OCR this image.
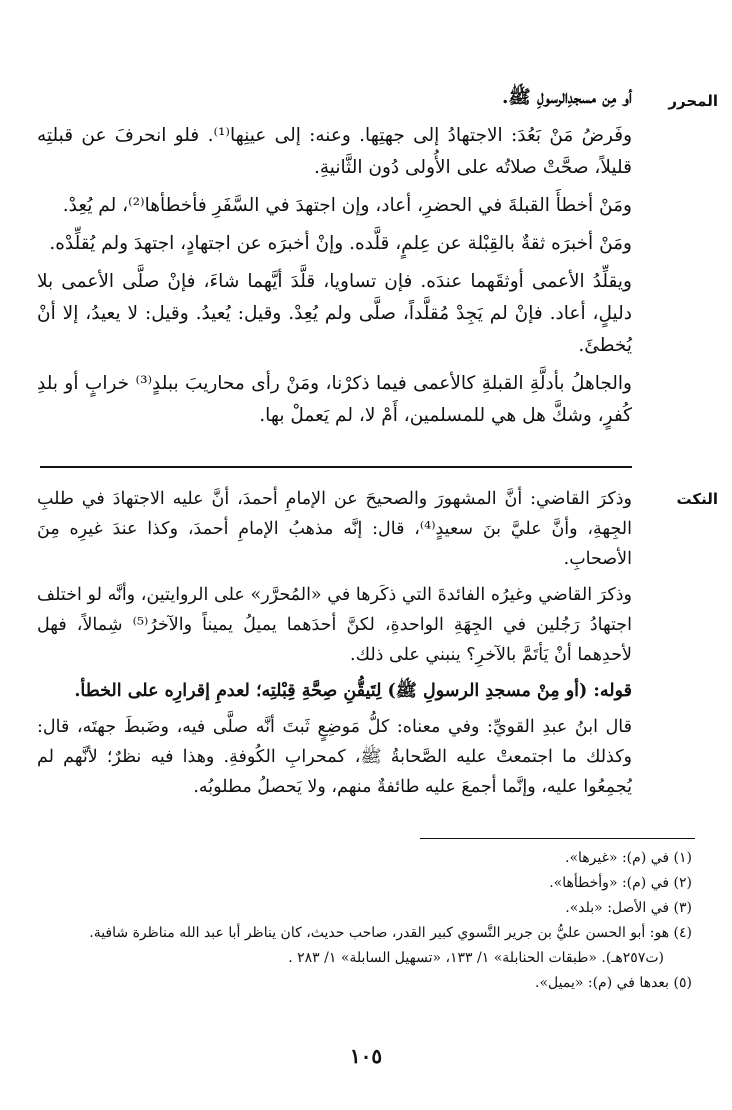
المحرر
النكت

أو مِن مسجدِالرسولِ ﷺ.

وفَرضُ مَنْ بَعُدَ: الاجتهادُ إلى جهتِها. وعنه: إلى عينِها⁽¹⁾. فلو انحرفَ عن قبلتِه قليلاً، صحَّتْ صلاتُه على الأُولى دُون الثَّانيةِ.

ومَنْ أخطأَ القبلةَ في الحضرِ، أعاد، وإن اجتهدَ في السَّفَرِ فأخطأها⁽²⁾، لم يُعِدْ.

ومَنْ أخبرَه ثقةٌ بالقِبْلة عن عِلمٍ، قلَّده. وإنْ أخبرَه عن اجتهادٍ، اجتهدَ ولم يُقلِّدْه.

ويقلِّدُ الأعمى أوثقَهما عندَه. فإن تساويا، قلَّدَ أيَّهما شاءَ، فإنْ صلَّى الأعمى بلا دليلٍ، أعاد. فإنْ لم يَجِدْ مُقلَّداً، صلَّى ولم يُعِدْ. وقيل: يُعيدُ. وقيل: لا يعيدُ، إلا أنْ يُخطئَ.

والجاهلُ بأدلَّةِ القبلةِ كالأعمى فيما ذكرْنا، ومَنْ رأى محاريبَ ببلدٍ⁽³⁾ خرابٍ أو بلدِ كُفرٍ، وشكَّ هل هي للمسلمين، أَمْ لا، لم يَعملْ بها.

وذكرَ القاضي: أنَّ المشهورَ والصحيحَ عن الإمامِ أحمدَ، أنَّ عليه الاجتهادَ في طلبِ الجِهةِ، وأنَّ عليَّ بنَ سعيدٍ⁽⁴⁾، قال: إنَّه مذهبُ الإمامِ أحمدَ، وكذا عندَ غيرِه مِنَ الأصحابِ.

وذكرَ القاضي وغيرُه الفائدةَ التي ذكَرها في «المُحرَّر» على الروايتين، وأنَّه لو اختلف اجتهادُ رَجُلين في الجِهَةِ الواحدةِ، لكنَّ أحدَهما يميلُ يميناً والآخرُ⁽⁵⁾ شِمالاً، فهل لأحدِهما أنْ يَأتَمَّ بالآخرِ؟ ينبني على ذلك.

قوله: (أو مِنْ مسجدِ الرسولِ ﷺ) لِتَيقُّنِ صِحَّةِ قِبْلتِه؛ لعدمِ إقرارِه على الخطأ.

قال ابنُ عبدِ القويِّ: وفي معناه: كلُّ مَوضِعٍ ثَبتَ أنَّه صلَّى فيه، وضَبطَ جهتَه، قال: وكذلك ما اجتمعتْ عليه الصَّحابةُ ﷺ، كمحرابِ الكُوفةِ. وهذا فيه نظرٌ؛ لأنَّهم لم يُجمِعُوا عليه، وإنَّما أجمعَ عليه طائفةٌ منهم، ولا يَحصلُ مطلوبُه.

(١) في (م): «غيرها».

(٢) في (م): «وأخطأها».

(٣) في الأصل: «بلد».

(٤) هو: أبو الحسن عليُّ بن جرير النَّسوي كبير القدر، صاحب حديث، كان يناظر أبا عبد الله مناظرة شافية.

(ت٢٥٧هـ). «طبقات الحنابلة» ١/ ١٣٣، «تسهيل السابلة» ١/ ٢٨٣ .

(٥) بعدها في (م): «يميل».

١٠٥
